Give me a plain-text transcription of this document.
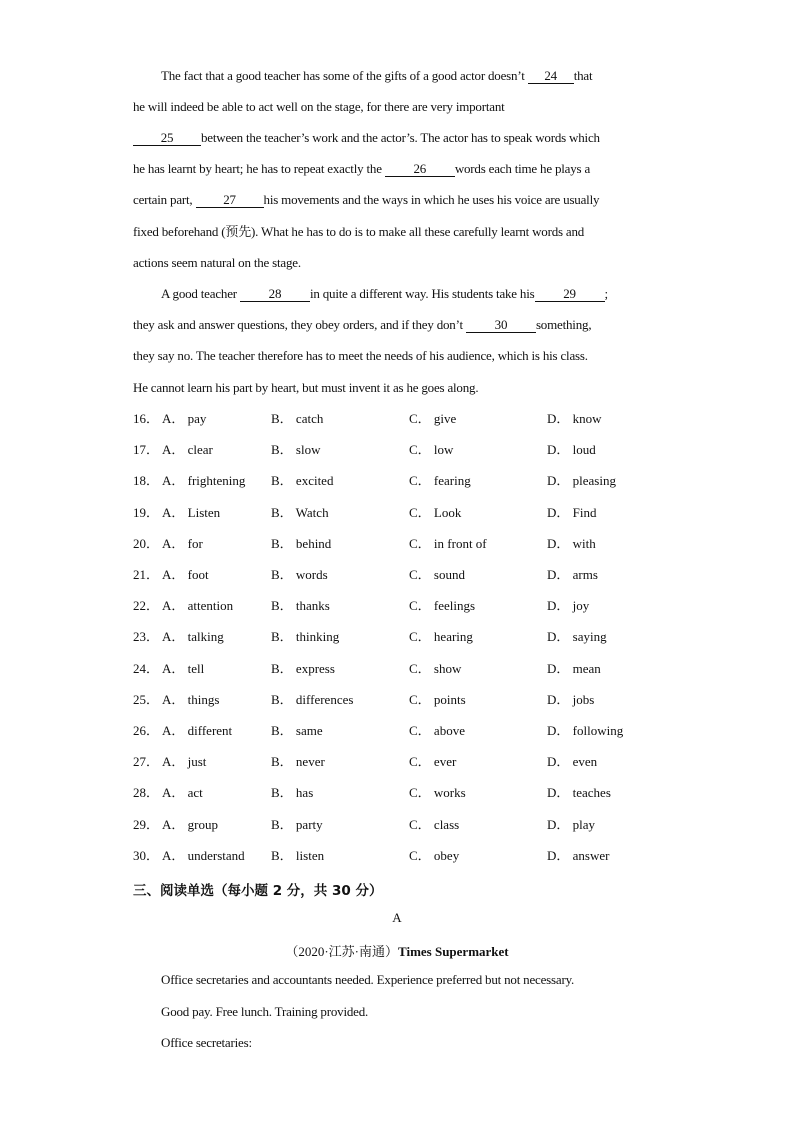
The fact that a good teacher has some of the gifts of a good actor doesn’t 24 that
he will indeed be able to act well on the stage, for there are very important
25 between the teacher’s work and the actor’s. The actor has to speak words which
he has learnt by heart; he has to repeat exactly the 26 words each time he plays a
certain part, 27 his movements and the ways in which he uses his voice are usually
fixed beforehand (预先). What he has to do is to make all these carefully learnt words and
actions seem natural on the stage.
A good teacher 28 in quite a different way. His students take his 29 ;
they ask and answer questions, they obey orders, and if they don’t 30 something,
they say no. The teacher therefore has to meet the needs of his audience, which is his class.
He cannot learn his part by heart, but must invent it as he goes along.
16． A． pay	B． catch	C． give	D． know
17． A． clear	B． slow	C． low	D． loud
18． A． frightening B． excited	C． fearing	D． pleasing
19． A． Listen	B． Watch	C． Look	D． Find
20． A． for	B． behind	C． in front of	D． with
21． A． foot	B． words	C． sound	D． arms
22． A． attention	B． thanks	C． feelings	D． joy
23． A． talking	B． thinking	C． hearing	D． saying
24． A． tell	B． express	C． show	D． mean
25． A． things	B． differences	C． points	D． jobs
26． A． different	B． same	C． above	D． following
27． A． just	B． never	C． ever	D． even
28． A． act	B． has	C． works	D． teaches
29． A． group	B． party	C． class	D． play
30． A． understand B． listen	C． obey	D． answer
三、阅读单选（每小题 2 分，共 30 分）
A
（2020·江苏·南通）Times Supermarket
Office secretaries and accountants needed. Experience preferred but not necessary.
Good pay. Free lunch. Training provided.
Office secretaries:
